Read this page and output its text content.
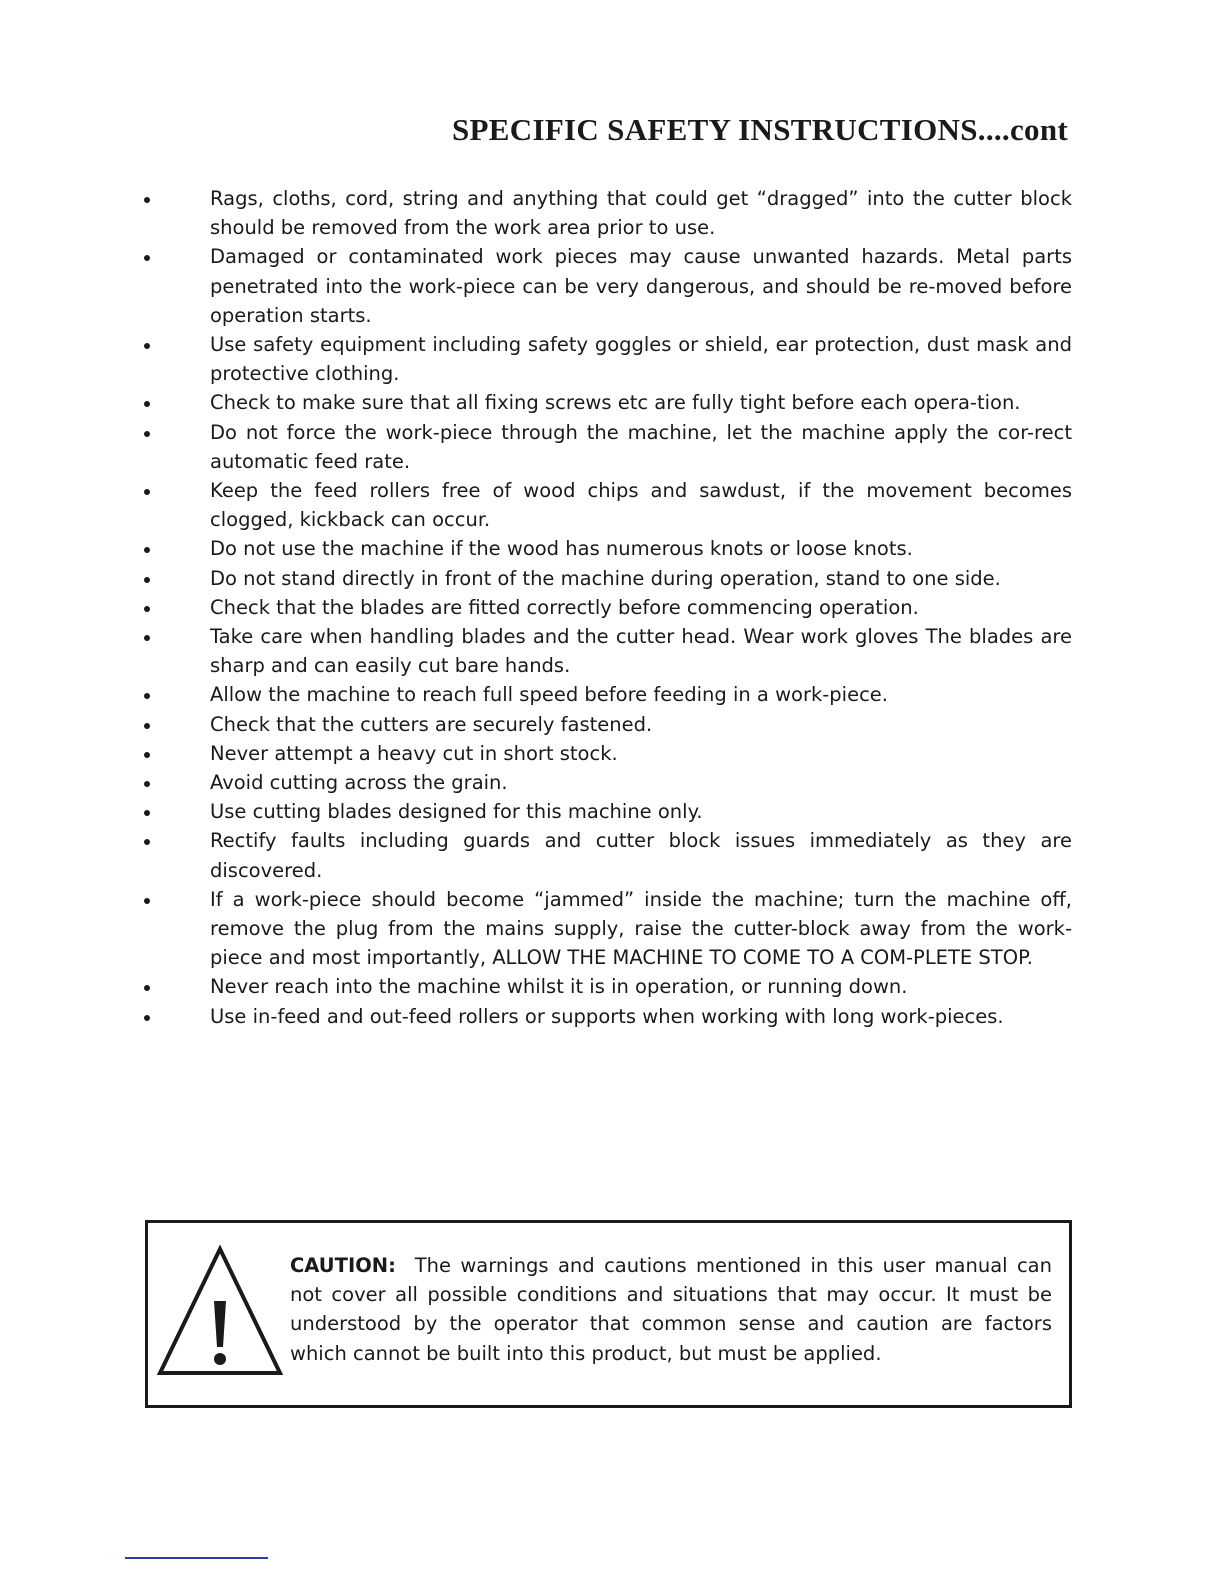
SPECIFIC SAFETY INSTRUCTIONS....cont
Rags, cloths, cord, string and anything that could get “dragged” into the cutter block should be removed from the work area prior to use.
Damaged or contaminated work pieces may cause unwanted hazards. Metal parts penetrated into the work-piece can be very dangerous, and should be re-moved before operation starts.
Use safety equipment including safety goggles or shield, ear protection, dust mask and protective clothing.
Check to make sure that all fixing screws etc are fully tight before each opera-tion.
Do not force the work-piece through the machine, let the machine apply the cor-rect automatic feed rate.
Keep the feed rollers free of wood chips and sawdust, if the movement becomes clogged, kickback can occur.
Do not use the machine if the wood has numerous knots or loose knots.
Do not stand directly in front of the machine during operation, stand to one side.
Check that the blades are fitted correctly before commencing operation.
Take care when handling blades and the cutter head. Wear work gloves The blades are sharp and can easily cut bare hands.
Allow the machine to reach full speed before feeding in a work-piece.
Check that the cutters are securely fastened.
Never attempt a heavy cut in short stock.
Avoid cutting across the grain.
Use cutting blades designed for this machine only.
Rectify faults including guards and cutter block issues immediately as they are discovered.
If a work-piece should become “jammed” inside the machine; turn the machine off, remove the plug from the mains supply, raise the cutter-block away from the work-piece and most importantly, ALLOW THE MACHINE TO COME TO A COM-PLETE STOP.
Never reach into the machine whilst it is in operation, or running down.
Use in-feed and out-feed rollers or supports when working with long work-pieces.

CAUTION: The warnings and cautions mentioned in this user manual can not cover all possible conditions and situations that may occur. It must be understood by the operator that common sense and caution are factors which cannot be built into this product, but must be applied.
